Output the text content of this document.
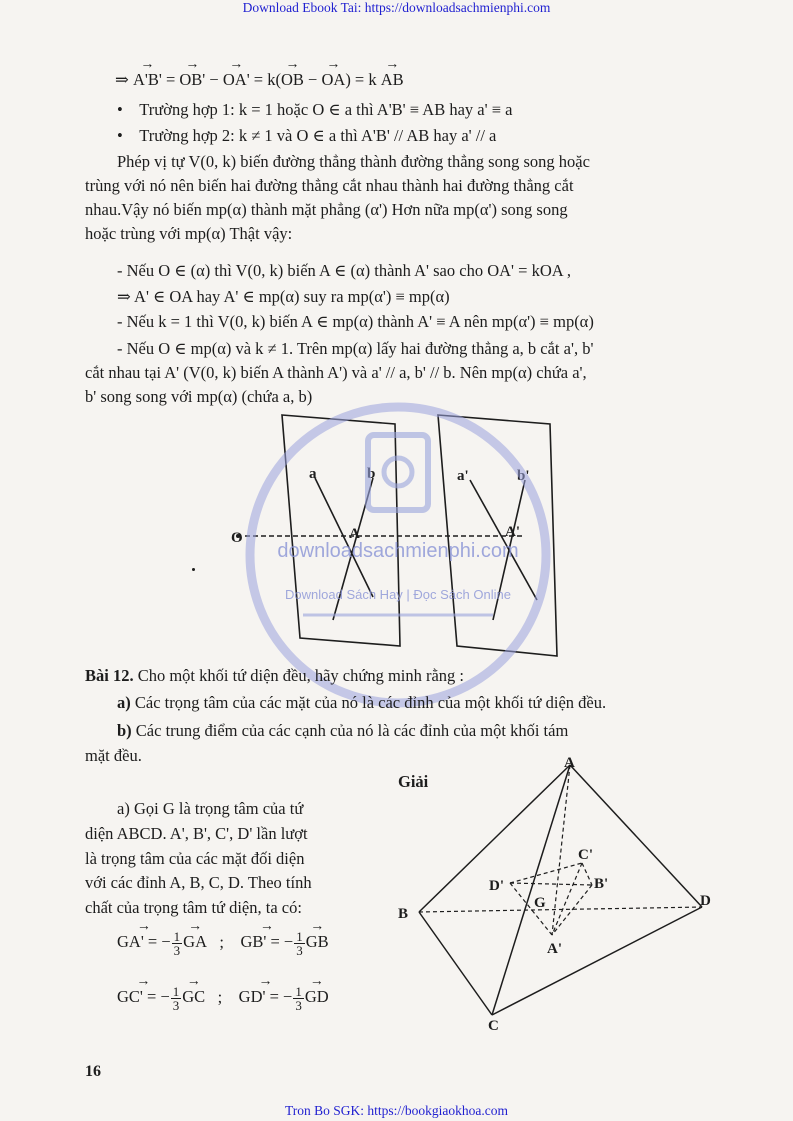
Download Ebook Tai: https://downloadsachmienphi.com
⇒ → A'B' = → OB' − → OA' = k(→ OB − → OA) = k → AB
•    Trường hợp 1: k = 1 hoặc O ∈ a thì A'B' ≡ AB hay a' ≡ a
•    Trường hợp 2: k ≠ 1 và O ∈ a thì A'B' // AB hay a' // a
Phép vị tự V(0, k) biến đường thẳng thành đường thẳng song song hoặc
trùng với nó nên biến hai đường thẳng cắt nhau thành hai đường thẳng cắt
nhau.Vậy nó biến mp(α) thành mặt phẳng (α') Hơn nữa mp(α') song song
hoặc trùng với mp(α) Thật vậy:
- Nếu O ∈ (α) thì V(0, k) biến A ∈ (α) thành A' sao cho OA' = kOA ,
⇒ A' ∈ OA hay A' ∈ mp(α) suy ra mp(α') ≡ mp(α)
- Nếu k = 1 thì V(0, k) biến A ∈ mp(α) thành A' ≡ A nên mp(α') ≡ mp(α)
- Nếu O ∈ mp(α) và k ≠ 1. Trên mp(α) lấy hai đường thẳng a, b cắt a', b'
cắt nhau tại A' (V(0, k) biến A thành A') và a' // a, b' // b. Nên mp(α) chứa a',
b' song song với mp(α) (chứa a, b)
O
a	b
A
a'	b'
A'
downloadsachmienphi.com
Download Sách Hay | Đọc Sách Online
Bài 12. Cho một khối tứ diện đều, hãy chứng minh rằng :
a) Các trọng tâm của các mặt của nó là các đỉnh của một khối tứ diện đều.
b) Các trung điểm của các cạnh của nó là các đỉnh của một khối tám
mặt đều.
Giải
a) Gọi G là trọng tâm của tứ
diện ABCD. A', B', C', D' lần lượt
là trọng tâm của các mặt đối diện
với các đỉnh A, B, C, D. Theo tính
chất của trọng tâm tứ diện, ta có:
→ GA' = − $\frac{1}{3}$ → GA ; → GB' = − $\frac{1}{3}$ → GB
→ GC' = − $\frac{1}{3}$ → GC   ;    → GD' = − $\frac{1}{3}$ → GD
A
B
C
D
G
A'
B'
C'
D'
16
Tron Bo SGK: https://bookgiaokhoa.com
